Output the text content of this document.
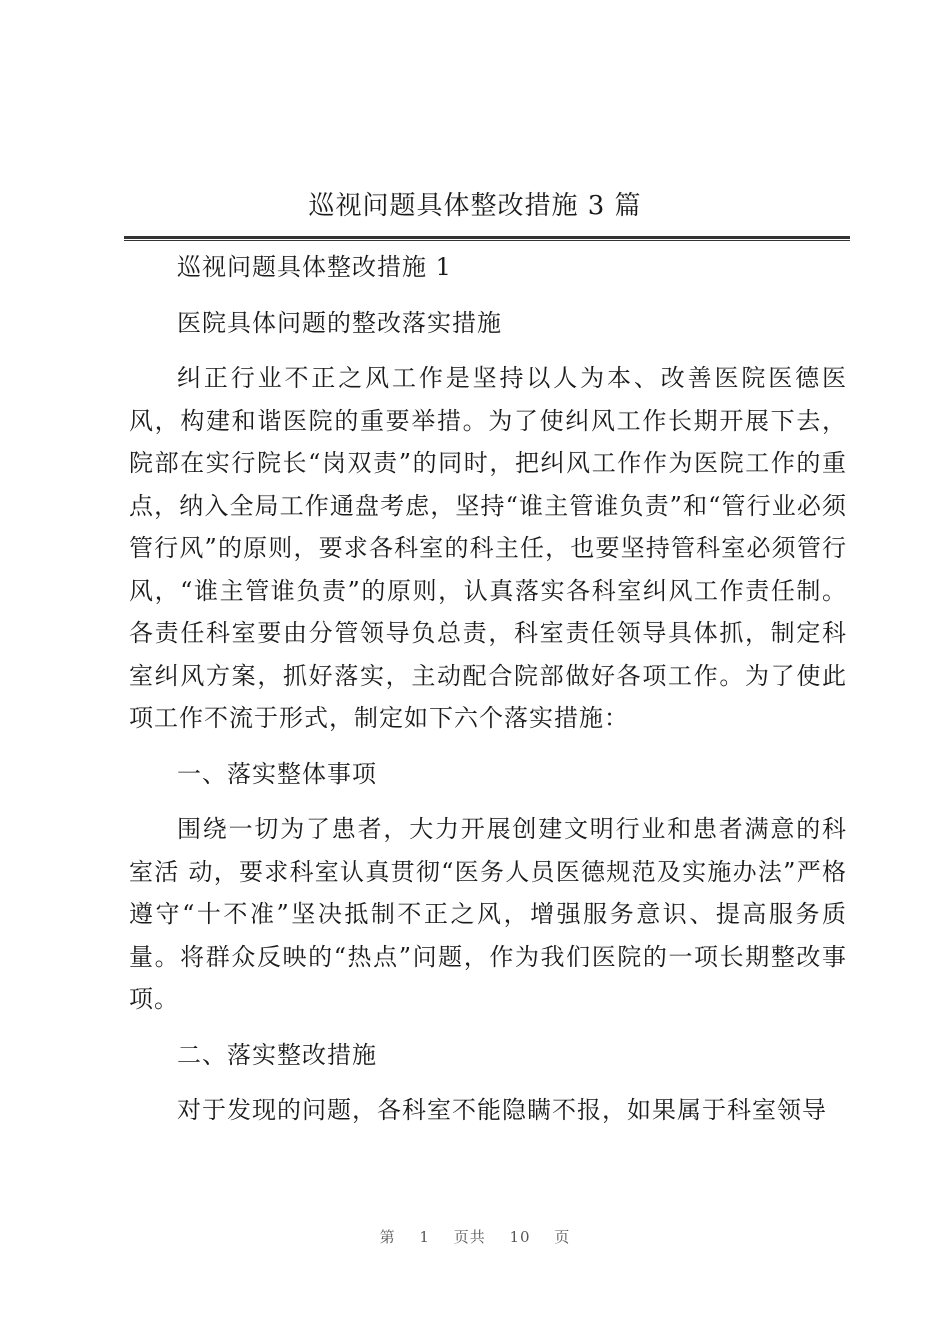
巡视问题具体整改措施 3 篇

巡视问题具体整改措施 1

医院具体问题的整改落实措施

纠正行业不正之风工作是坚持以人为本、改善医院医德医风，构建和谐医院的重要举措。为了使纠风工作长期开展下去，院部在实行院长“岗双责”的同时，把纠风工作作为医院工作的重点，纳入全局工作通盘考虑，坚持“谁主管谁负责”和“管行业必须管行风”的原则，要求各科室的科主任，也要坚持管科室必须管行风，“谁主管谁负责”的原则，认真落实各科室纠风工作责任制。各责任科室要由分管领导负总责，科室责任领导具体抓，制定科室纠风方案，抓好落实，主动配合院部做好各项工作。为了使此项工作不流于形式，制定如下六个落实措施：

一、落实整体事项

围绕一切为了患者，大力开展创建文明行业和患者满意的科室活 动，要求科室认真贯彻“医务人员医德规范及实施办法”严格遵守“十不准”坚决抵制不正之风，增强服务意识、提高服务质量。将群众反映的“热点”问题，作为我们医院的一项长期整改事项。

二、落实整改措施

对于发现的问题，各科室不能隐瞒不报，如果属于科室领导

第 1 页共 10 页
